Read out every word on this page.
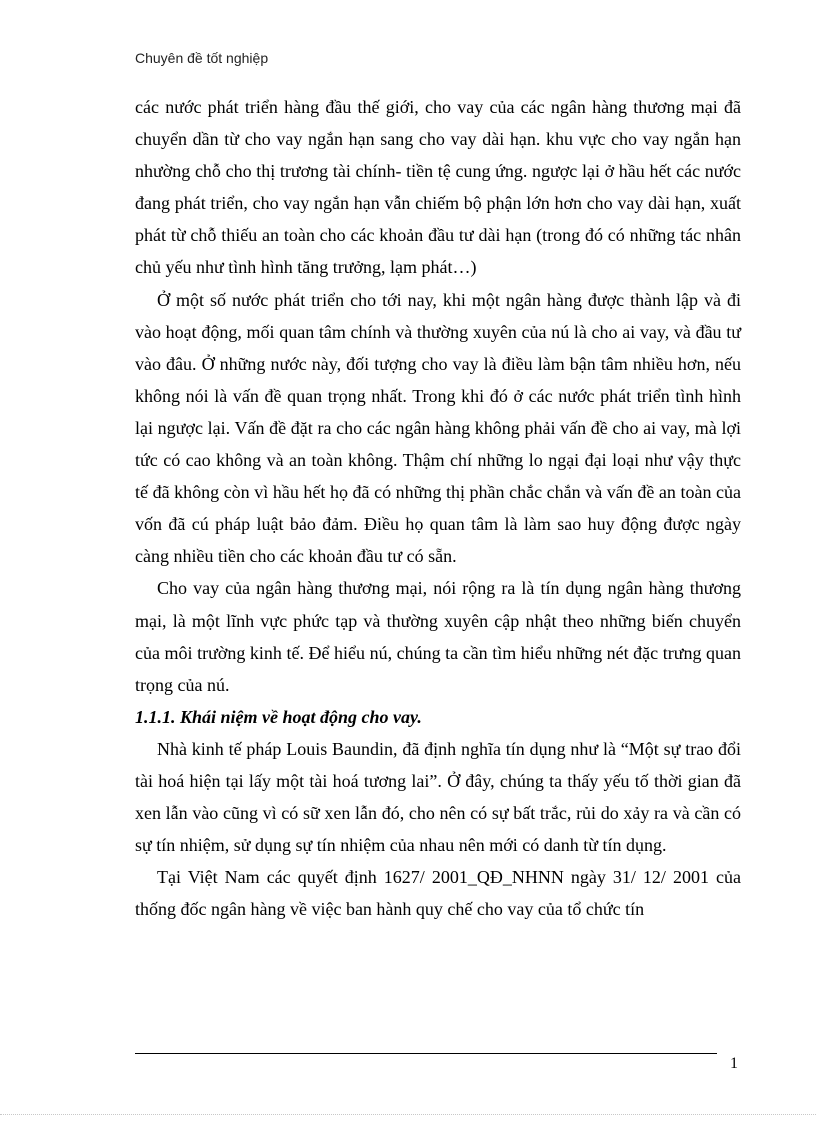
Chuyên đề tốt nghiệp

các nước phát triển hàng đầu thế giới, cho vay của các ngân hàng thương mại đã chuyển dần từ cho vay ngắn hạn sang cho vay dài hạn. khu vực cho vay ngắn hạn nhường chỗ cho thị trương tài chính- tiền tệ cung ứng. ngược lại ở hầu hết các nước đang phát triển, cho vay ngắn hạn vẫn chiếm bộ phận lớn hơn cho vay dài hạn, xuất phát từ chỗ thiếu an toàn cho các khoản đầu tư dài hạn (trong đó có những tác nhân chủ yếu như tình hình tăng trưởng, lạm phát…)

Ở một số nước phát triển cho tới nay, khi một ngân hàng được thành lập và đi vào hoạt động, mối quan tâm chính và thường xuyên của nú là cho ai vay, và đầu tư vào đâu. Ở những nước này, đối tượng cho vay là điều làm bận tâm nhiều hơn, nếu không nói là vấn đề quan trọng nhất. Trong khi đó ở các nước phát triển tình hình lại ngược lại. Vấn đề đặt ra cho các ngân hàng không phải vấn đề cho ai vay, mà lợi tức có cao không và an toàn không. Thậm chí những lo ngại đại loại như vậy thực tế đã không còn vì hầu hết họ đã có những thị phần chắc chắn và vấn đề an toàn của vốn đã cú pháp luật bảo đảm. Điều họ quan tâm là làm sao huy động được ngày càng nhiều tiền cho các khoản đầu tư có sẵn.

Cho vay của ngân hàng thương mại, nói rộng ra là tín dụng ngân hàng thương mại, là một lĩnh vực phức tạp và thường xuyên cập nhật theo những biến chuyển của môi trường kinh tế. Để hiểu nú, chúng ta cần tìm hiểu những nét đặc trưng quan trọng của nú.

1.1.1. Khái niệm về hoạt động cho vay.

Nhà kinh tế pháp Louis Baundin, đã định nghĩa tín dụng như là “Một sự trao đổi tài hoá hiện tại lấy một tài hoá tương lai”. Ở đây, chúng ta thấy yếu tố thời gian đã xen lẫn vào cũng vì có sữ xen lẫn đó, cho nên có sự bất trắc, rủi do xảy ra và cần có sự tín nhiệm, sử dụng sự tín nhiệm của nhau nên mới có danh từ tín dụng.

Tại Việt Nam các quyết định 1627/ 2001_QĐ_NHNN ngày 31/ 12/ 2001 của thống đốc ngân hàng về việc ban hành quy chế cho vay của tổ chức tín

1
